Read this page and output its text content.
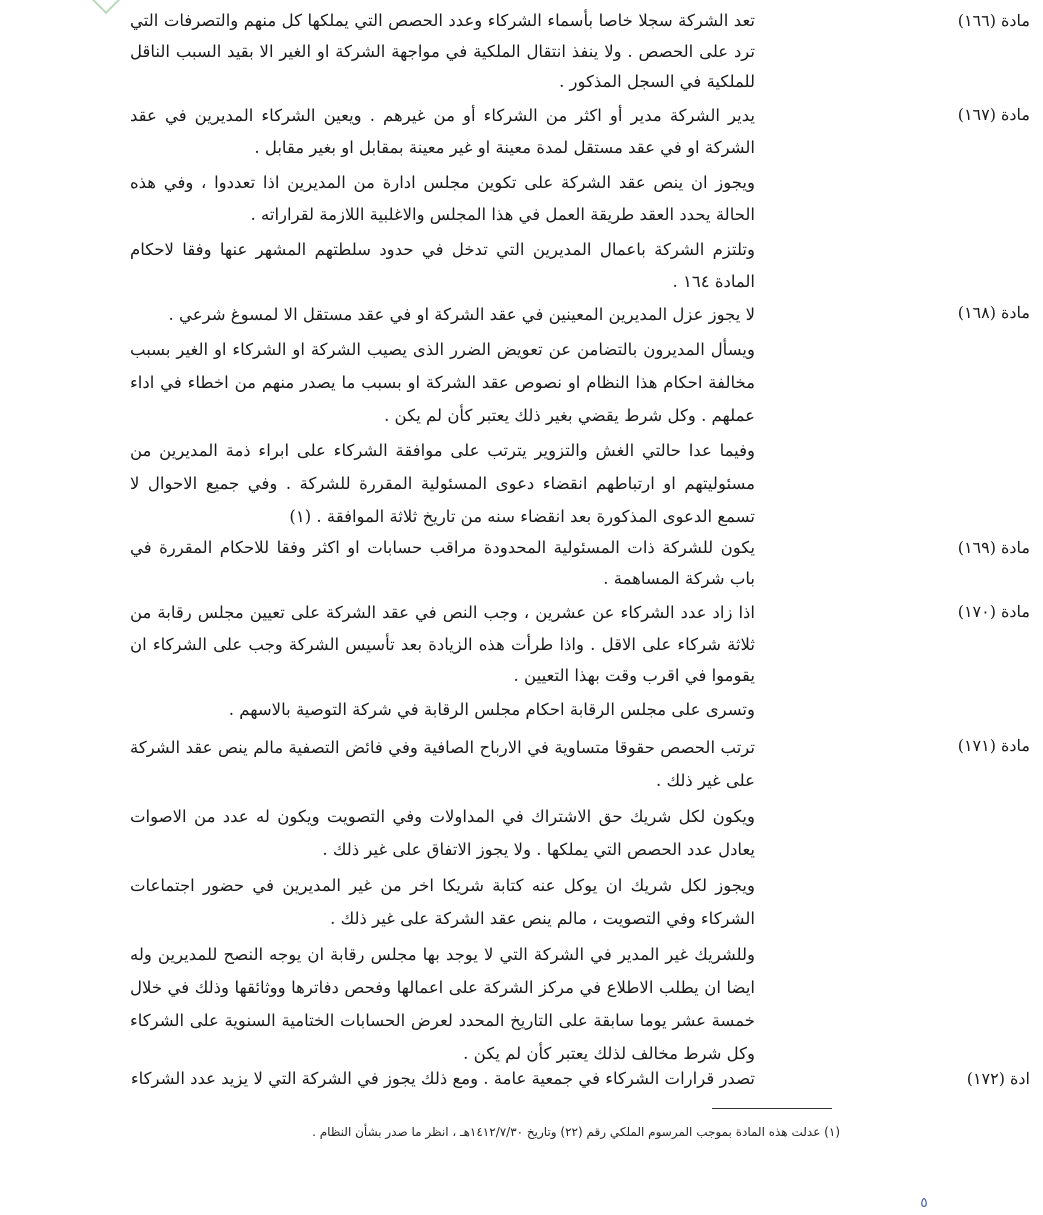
مادة (١٦٦)

تعد الشركة سجلا خاصا بأسماء الشركاء وعدد الحصص التي يملكها كل منهم والتصرفات التي ترد على الحصص . ولا ينفذ انتقال الملكية في مواجهة الشركة او الغير الا بقيد السبب الناقل للملكية في السجل المذكور .

مادة (١٦٧)

يدير الشركة مدير أو اكثر من الشركاء أو من غيرهم . ويعين الشركاء المديرين في عقد الشركة او في عقد مستقل لمدة معينة او غير معينة بمقابل او بغير مقابل .

ويجوز ان ينص عقد الشركة على تكوين مجلس ادارة من المديرين اذا تعددوا ، وفي هذه الحالة يحدد العقد طريقة العمل في هذا المجلس والاغلبية اللازمة لقراراته .

وتلتزم الشركة باعمال المديرين التي تدخل في حدود سلطتهم المشهر عنها وفقا لاحكام المادة ١٦٤ .

مادة (١٦٨)

لا يجوز عزل المديرين المعينين في عقد الشركة او في عقد مستقل الا لمسوغ شرعي .

ويسأل المديرون بالتضامن عن تعويض الضرر الذى يصيب الشركة او الشركاء او الغير بسبب مخالفة احكام هذا النظام او نصوص عقد الشركة او بسبب ما يصدر منهم من اخطاء في اداء عملهم . وكل شرط يقضي بغير ذلك يعتبر كأن لم يكن .

وفيما عدا حالتي الغش والتزوير يترتب على موافقة الشركاء على ابراء ذمة المديرين من مسئوليتهم او ارتباطهم انقضاء دعوى المسئولية المقررة للشركة . وفي جميع الاحوال لا تسمع الدعوى المذكورة بعد انقضاء سنه من تاريخ ثلاثة الموافقة . (١)

مادة (١٦٩)

يكون للشركة ذات المسئولية المحدودة مراقب حسابات او اكثر وفقا للاحكام المقررة في باب شركة المساهمة .

مادة (١٧٠)

اذا زاد عدد الشركاء عن عشرين ، وجب النص في عقد الشركة على تعيين مجلس رقابة من ثلاثة شركاء على الاقل . واذا طرأت هذه الزيادة بعد تأسيس الشركة وجب على الشركاء ان يقوموا في اقرب وقت بهذا التعيين .

وتسرى على مجلس الرقابة احكام مجلس الرقابة في شركة التوصية بالاسهم .

مادة (١٧١)

ترتب الحصص حقوقا متساوية في الارباح الصافية وفي فائض التصفية مالم ينص عقد الشركة على غير ذلك .

ويكون لكل شريك حق الاشتراك في المداولات وفي التصويت ويكون له عدد من الاصوات يعادل عدد الحصص التي يملكها . ولا يجوز الاتفاق على غير ذلك .

ويجوز لكل شريك ان يوكل عنه كتابة شريكا اخر من غير المديرين في حضور اجتماعات الشركاء وفي التصويت ، مالم ينص عقد الشركة على غير ذلك .

وللشريك غير المدير في الشركة التي لا يوجد بها مجلس رقابة ان يوجه النصح للمديرين وله ايضا ان يطلب الاطلاع في مركز الشركة على اعمالها وفحص دفاترها ووثائقها وذلك في خلال خمسة عشر يوما سابقة على التاريخ المحدد لعرض الحسابات الختامية السنوية على الشركاء وكل شرط مخالف لذلك يعتبر كأن لم يكن .

ادة (١٧٢)

تصدر قرارات الشركاء في جمعية عامة . ومع ذلك يجوز في الشركة التي لا يزيد عدد الشركاء

(١) عدلت هذه المادة بموجب المرسوم الملكي رقم (٢٢) وتاريخ ١٤١٢/٧/٣٠هـ ، انظر ما صدر بشأن النظام .
٥
